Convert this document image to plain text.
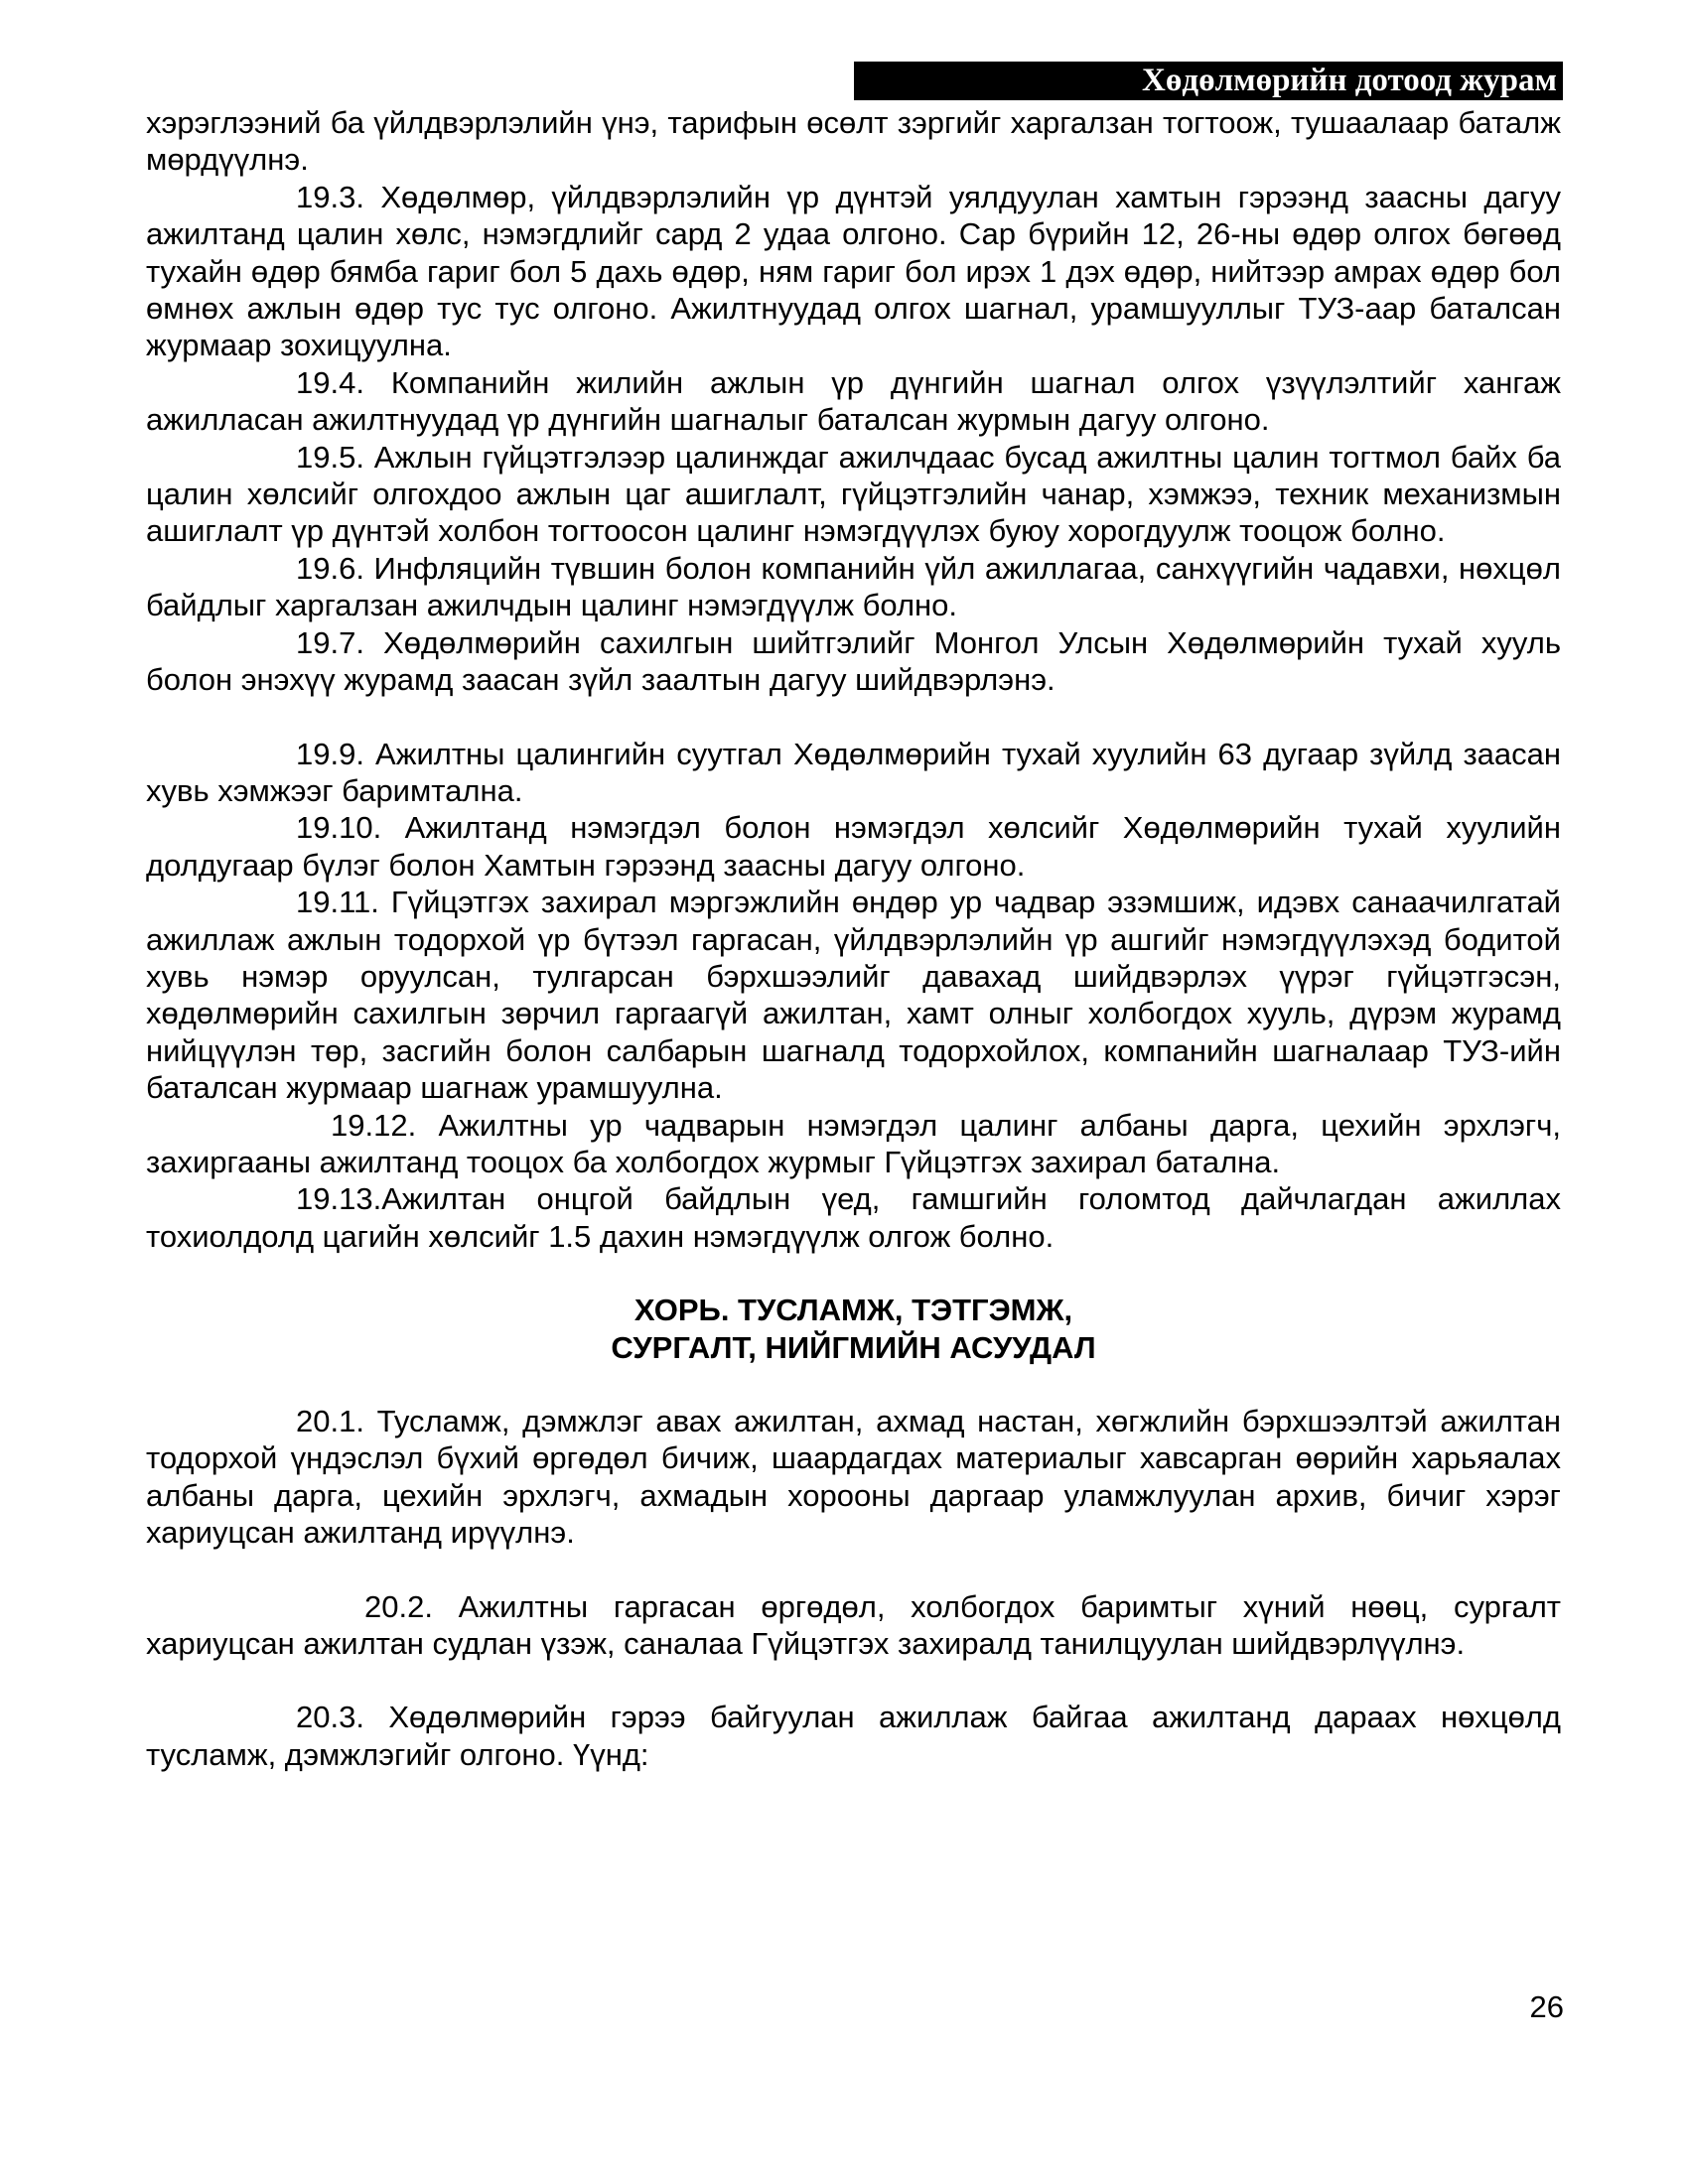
Хөдөлмөрийн дотоод журам

хэрэглээний ба үйлдвэрлэлийн үнэ, тарифын өсөлт зэргийг харгалзан тогтоож, тушаалаар баталж мөрдүүлнэ.

19.3. Хөдөлмөр, үйлдвэрлэлийн үр дүнтэй уялдуулан хамтын гэрээнд заасны дагуу ажилтанд цалин хөлс, нэмэгдлийг сард 2 удаа олгоно. Сар бүрийн 12, 26-ны өдөр олгох бөгөөд тухайн өдөр бямба гариг бол 5 дахь өдөр, ням гариг бол ирэх 1 дэх өдөр, нийтээр амрах өдөр бол өмнөх ажлын өдөр тус тус олгоно. Ажилтнуудад олгох шагнал, урамшууллыг ТУЗ-аар баталсан журмаар зохицуулна.

19.4. Компанийн жилийн ажлын үр дүнгийн шагнал олгох үзүүлэлтийг хангаж ажилласан ажилтнуудад үр дүнгийн шагналыг баталсан журмын дагуу олгоно.

19.5. Ажлын гүйцэтгэлээр цалинждаг ажилчдаас бусад ажилтны цалин тогтмол байх ба цалин хөлсийг олгохдоо ажлын цаг ашиглалт, гүйцэтгэлийн чанар, хэмжээ, техник механизмын ашиглалт үр дүнтэй холбон тогтоосон цалинг нэмэгдүүлэх буюу хорогдуулж тооцож болно.

19.6. Инфляцийн түвшин болон компанийн үйл ажиллагаа, санхүүгийн чадавхи, нөхцөл байдлыг харгалзан ажилчдын цалинг нэмэгдүүлж болно.

19.7. Хөдөлмөрийн сахилгын шийтгэлийг Монгол Улсын Хөдөлмөрийн тухай хууль болон энэхүү журамд заасан зүйл заалтын дагуу шийдвэрлэнэ.

19.9. Ажилтны цалингийн суутгал Хөдөлмөрийн тухай хуулийн 63 дугаар зүйлд заасан хувь хэмжээг баримтална.

19.10. Ажилтанд нэмэгдэл болон нэмэгдэл хөлсийг Хөдөлмөрийн тухай хуулийн долдугаар бүлэг болон Хамтын гэрээнд заасны дагуу олгоно.

19.11. Гүйцэтгэх захирал мэргэжлийн өндөр ур чадвар эзэмшиж, идэвх санаачилгатай ажиллаж ажлын тодорхой үр бүтээл гаргасан, үйлдвэрлэлийн үр ашгийг нэмэгдүүлэхэд бодитой хувь нэмэр оруулсан, тулгарсан бэрхшээлийг давахад шийдвэрлэх үүрэг гүйцэтгэсэн, хөдөлмөрийн сахилгын зөрчил гаргаагүй ажилтан, хамт олныг холбогдох хууль, дүрэм журамд нийцүүлэн төр, засгийн болон салбарын шагналд тодорхойлох, компанийн шагналаар ТУЗ-ийн баталсан журмаар шагнаж урамшуулна.

19.12. Ажилтны ур чадварын нэмэгдэл цалинг албаны дарга, цехийн эрхлэгч, захиргааны ажилтанд тооцох ба холбогдох журмыг Гүйцэтгэх захирал батална.

19.13.Ажилтан онцгой байдлын үед, гамшгийн голомтод дайчлагдан ажиллах тохиолдолд цагийн хөлсийг 1.5 дахин нэмэгдүүлж олгож болно.

ХОРЬ. ТУСЛАМЖ, ТЭТГЭМЖ,

СУРГАЛТ, НИЙГМИЙН АСУУДАЛ

20.1. Тусламж, дэмжлэг авах ажилтан, ахмад настан, хөгжлийн бэрхшээлтэй ажилтан тодорхой үндэслэл бүхий өргөдөл бичиж, шаардагдах материалыг хавсарган өөрийн харьяалах албаны дарга, цехийн эрхлэгч, ахмадын хорооны даргаар уламжлуулан архив, бичиг хэрэг хариуцсан ажилтанд ирүүлнэ.

20.2. Ажилтны гаргасан өргөдөл, холбогдох баримтыг хүний нөөц, сургалт хариуцсан ажилтан судлан үзэж, саналаа Гүйцэтгэх захиралд танилцуулан шийдвэрлүүлнэ.

20.3. Хөдөлмөрийн гэрээ байгуулан ажиллаж байгаа ажилтанд дараах нөхцөлд тусламж, дэмжлэгийг олгоно. Үүнд:

26
